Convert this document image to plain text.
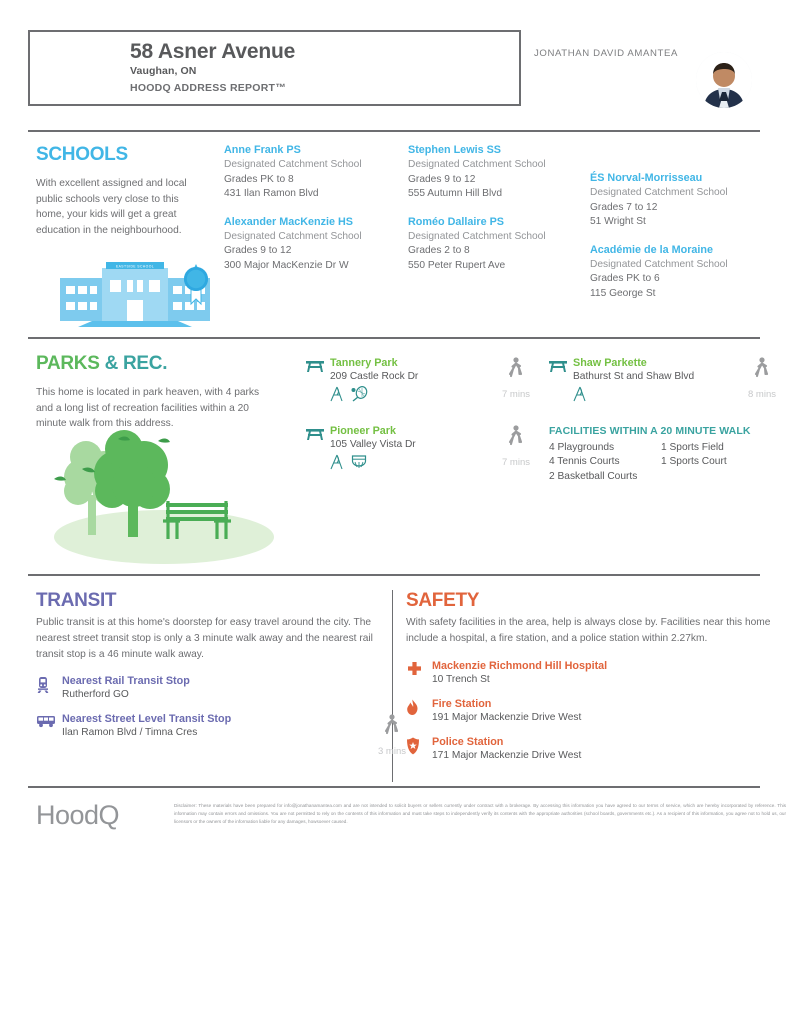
58 Asner Avenue
Vaughan, ON
HOODQ ADDRESS REPORT™
JONATHAN DAVID AMANTEA
SCHOOLS
With excellent assigned and local public schools very close to this home, your kids will get a great education in the neighbourhood.
EASTSIDE SCHOOL
Anne Frank PS
Designated Catchment School
Grades PK to 8
431 Ilan Ramon Blvd
Alexander MacKenzie HS
Designated Catchment School
Grades 9 to 12
300 Major MacKenzie Dr W
Stephen Lewis SS
Designated Catchment School
Grades 9 to 12
555 Autumn Hill Blvd
Roméo Dallaire PS
Designated Catchment School
Grades 2 to 8
550 Peter Rupert Ave
ÉS Norval-Morrisseau
Designated Catchment School
Grades 7 to 12
51 Wright St
Académie de la Moraine
Designated Catchment School
Grades PK to 6
115 George St
PARKS & REC.
This home is located in park heaven, with 4 parks and a long list of recreation facilities within a 20 minute walk from this address.
Tannery Park
209 Castle Rock Dr
7 mins
Pioneer Park
105 Valley Vista Dr
7 mins
Shaw Parkette
Bathurst St and Shaw Blvd
8 mins
FACILITIES WITHIN A 20 MINUTE WALK
4 Playgrounds
4 Tennis Courts
2 Basketball Courts
1 Sports Field
1 Sports Court
TRANSIT
Public transit is at this home's doorstep for easy travel around the city. The nearest street transit stop is only a 3 minute walk away and the nearest rail transit stop is a 46 minute walk away.
Nearest Rail Transit Stop
Rutherford GO
Nearest Street Level Transit Stop
Ilan Ramon Blvd / Timna Cres
3 mins
SAFETY
With safety facilities in the area, help is always close by. Facilities near this home include a hospital, a fire station, and a police station within 2.27km.
Mackenzie Richmond Hill Hospital
10 Trench St
Fire Station
191 Major Mackenzie Drive West
Police Station
171 Major Mackenzie Drive West
HoodQ	Disclaimer: These materials have been prepared for info@jonathanamantea.com and are not intended to solicit buyers or sellers currently under contract with a brokerage. By accessing this information you have agreed to our terms of service, which are hereby incorporated by reference. This information may contain errors and omissions. You are not permitted to rely on the contents of this information and must take steps to independently verify its contents with the appropriate authorities (school boards, governments etc.). As a recipient of this information, you agree not to hold us, our licensors or the owners of the information liable for any damages, howsoever caused.
